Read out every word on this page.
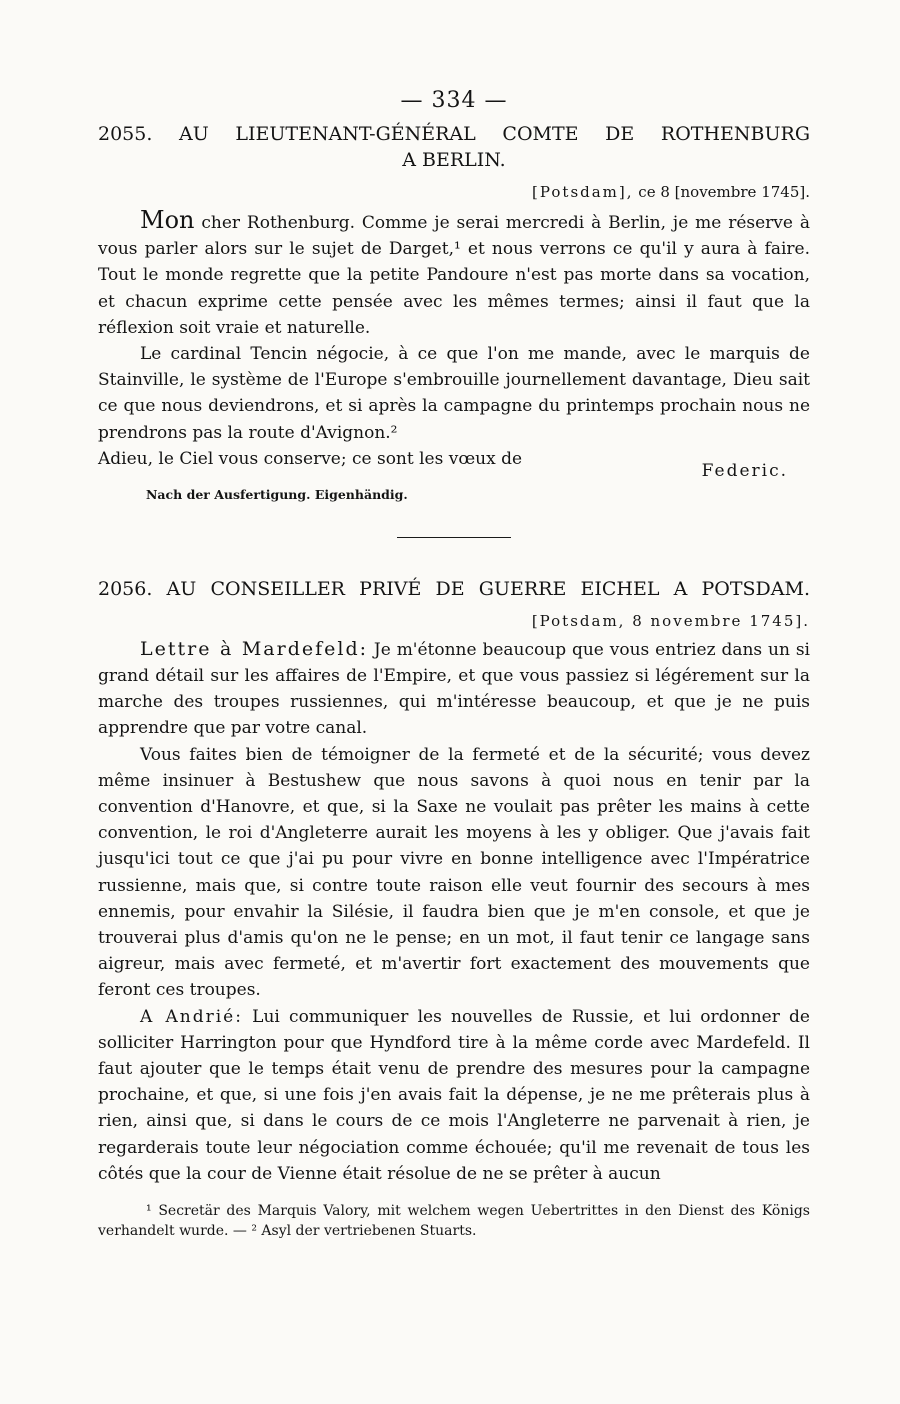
— 334 —
2055. AU LIEUTENANT-GÉNÉRAL COMTE DE ROTHENBURG
A BERLIN.
[Potsdam], ce 8 [novembre 1745].

Mon cher Rothenburg. Comme je serai mercredi à Berlin, je me réserve à vous parler alors sur le sujet de Darget,¹ et nous verrons ce qu'il y aura à faire. Tout le monde regrette que la petite Pandoure n'est pas morte dans sa vocation, et chacun exprime cette pensée avec les mêmes termes; ainsi il faut que la réflexion soit vraie et naturelle.

Le cardinal Tencin négocie, à ce que l'on me mande, avec le marquis de Stainville, le système de l'Europe s'embrouille journellement davantage, Dieu sait ce que nous deviendrons, et si après la campagne du printemps prochain nous ne prendrons pas la route d'Avignon.²

Adieu, le Ciel vous conserve; ce sont les vœux de
Federic.
Nach der Ausfertigung. Eigenhändig.
2056. AU CONSEILLER PRIVÉ DE GUERRE EICHEL A POTSDAM.
[Potsdam, 8 novembre 1745].

Lettre à Mardefeld: Je m'étonne beaucoup que vous entriez dans un si grand détail sur les affaires de l'Empire, et que vous passiez si légérement sur la marche des troupes russiennes, qui m'intéresse beaucoup, et que je ne puis apprendre que par votre canal.

Vous faites bien de témoigner de la fermeté et de la sécurité; vous devez même insinuer à Bestushew que nous savons à quoi nous en tenir par la convention d'Hanovre, et que, si la Saxe ne voulait pas prêter les mains à cette convention, le roi d'Angleterre aurait les moyens à les y obliger. Que j'avais fait jusqu'ici tout ce que j'ai pu pour vivre en bonne intelligence avec l'Impératrice russienne, mais que, si contre toute raison elle veut fournir des secours à mes ennemis, pour envahir la Silésie, il faudra bien que je m'en console, et que je trouverai plus d'amis qu'on ne le pense; en un mot, il faut tenir ce langage sans aigreur, mais avec fermeté, et m'avertir fort exactement des mouvements que feront ces troupes.

A Andrié: Lui communiquer les nouvelles de Russie, et lui ordonner de solliciter Harrington pour que Hyndford tire à la même corde avec Mardefeld. Il faut ajouter que le temps était venu de prendre des mesures pour la campagne prochaine, et que, si une fois j'en avais fait la dépense, je ne me prêterais plus à rien, ainsi que, si dans le cours de ce mois l'Angleterre ne parvenait à rien, je regarderais toute leur négociation comme échouée; qu'il me revenait de tous les côtés que la cour de Vienne était résolue de ne se prêter à aucun

¹ Secretär des Marquis Valory, mit welchem wegen Uebertrittes in den Dienst des Königs verhandelt wurde. — ² Asyl der vertriebenen Stuarts.
